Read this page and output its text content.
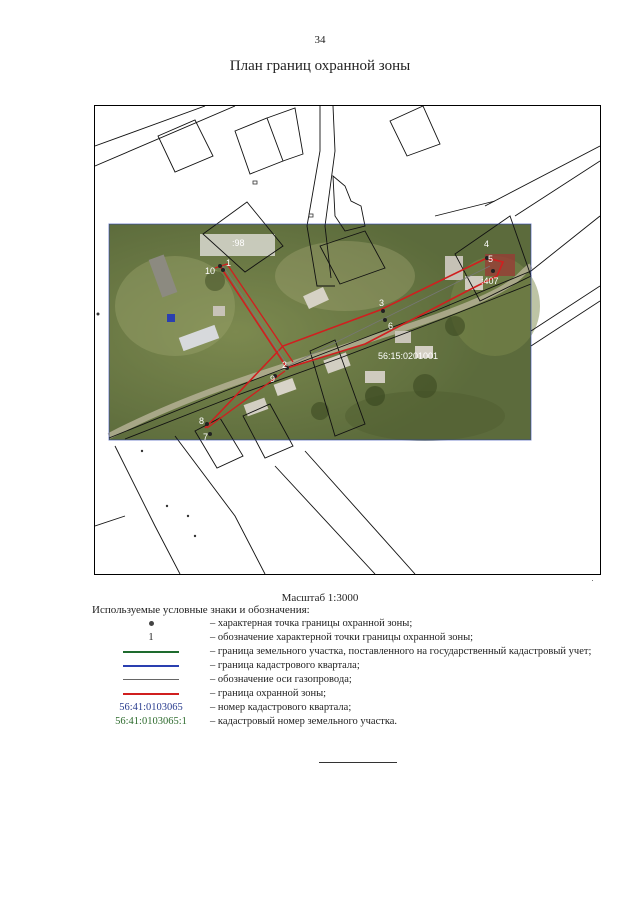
34
План границ охранной зоны
:98
:407
56:15:0201001
1
2
3
4
5
6
7
8
9
10
Масштаб 1:3000
Используемые условные знаки и обозначения:
– характерная точка границы охранной зоны;
1	– обозначение характерной точки границы охранной зоны;
– граница земельного участка, поставленного на государственный кадастровый учет;
– граница кадастрового квартала;
– обозначение оси газопровода;
– граница охранной зоны;
56:41:0103065	– номер кадастрового квартала;
56:41:0103065:1	– кадастровый номер земельного участка.
